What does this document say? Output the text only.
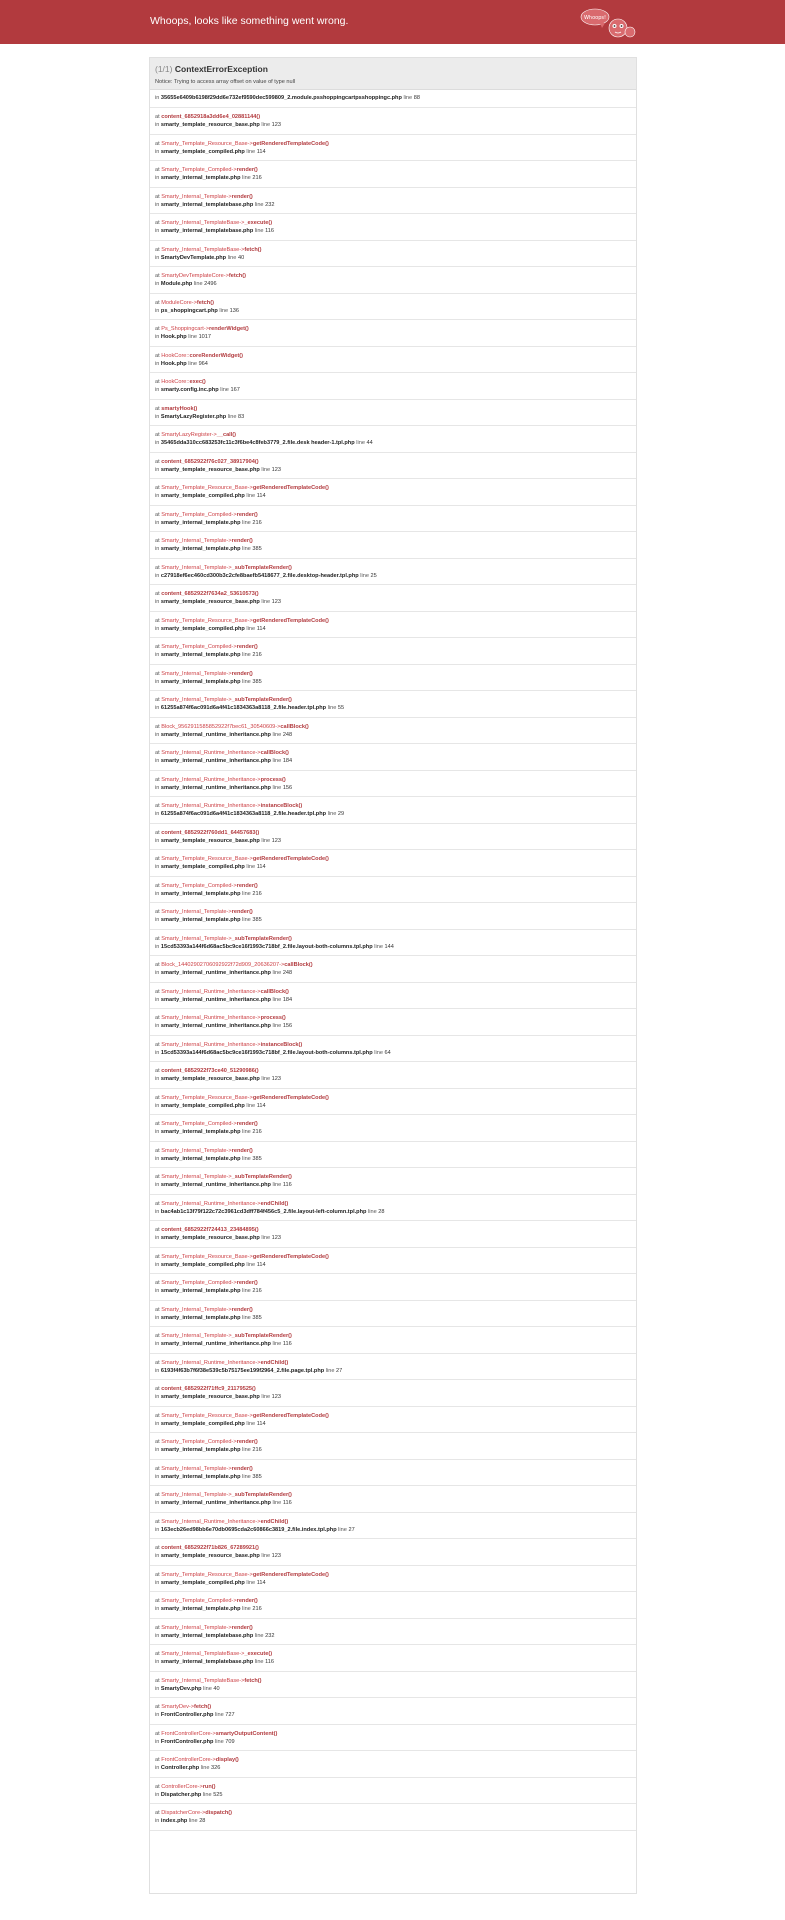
Whoops, looks like something went wrong.	Whoops!
(1/1) ContextErrorException
Notice: Trying to access array offset on value of type null
in 35655e6409b6198f29dd6e732ef9590dec599809_2.module.psshoppingcartpsshoppingc.php line 88
at content_6852918a3dd6e4_02881144()
in smarty_template_resource_base.php line 123
at Smarty_Template_Resource_Base->getRenderedTemplateCode()
in smarty_template_compiled.php line 114
at Smarty_Template_Compiled->render()
in smarty_internal_template.php line 216
at Smarty_Internal_Template->render()
in smarty_internal_templatebase.php line 232
at Smarty_Internal_TemplateBase->_execute()
in smarty_internal_templatebase.php line 116
at Smarty_Internal_TemplateBase->fetch()
in SmartyDevTemplate.php line 40
at SmartyDevTemplateCore->fetch()
in Module.php line 2496
at ModuleCore->fetch()
in ps_shoppingcart.php line 136
at Ps_Shoppingcart->renderWidget()
in Hook.php line 1017
at HookCore::coreRenderWidget()
in Hook.php line 964
at HookCore::exec()
in smarty.config.inc.php line 167
at smartyHook()
in SmartyLazyRegister.php line 83
at SmartyLazyRegister->__call()
in 35465dda310cc683253fc11c3f6be4c8feb3779_2.file.desk header-1.tpl.php line 44
at content_6852922f76c027_38917904()
in smarty_template_resource_base.php line 123
at Smarty_Template_Resource_Base->getRenderedTemplateCode()
in smarty_template_compiled.php line 114
at Smarty_Template_Compiled->render()
in smarty_internal_template.php line 216
at Smarty_Internal_Template->render()
in smarty_internal_template.php line 385
at Smarty_Internal_Template->_subTemplateRender()
in c27918ef6ec460cd300b3c2cfe8baefb5418677_2.file.desktop-header.tpl.php line 25
at content_6852922f7634a2_53610573()
in smarty_template_resource_base.php line 123
at Smarty_Template_Resource_Base->getRenderedTemplateCode()
in smarty_template_compiled.php line 114
at Smarty_Template_Compiled->render()
in smarty_internal_template.php line 216
at Smarty_Internal_Template->render()
in smarty_internal_template.php line 385
at Smarty_Internal_Template->_subTemplateRender()
in 61255a874f6ac091d6a4f41c1834363a8118_2.file.header.tpl.php line 55
at Block_9562911585852922f7bec61_30540609->callBlock()
in smarty_internal_runtime_inheritance.php line 248
at Smarty_Internal_Runtime_Inheritance->callBlock()
in smarty_internal_runtime_inheritance.php line 184
at Smarty_Internal_Runtime_Inheritance->process()
in smarty_internal_runtime_inheritance.php line 156
at Smarty_Internal_Runtime_Inheritance->instanceBlock()
in 61255a874f6ac091d6a4f41c1834363a8118_2.file.header.tpl.php line 29
at content_6852922f760dd1_64457683()
in smarty_template_resource_base.php line 123
at Smarty_Template_Resource_Base->getRenderedTemplateCode()
in smarty_template_compiled.php line 114
at Smarty_Template_Compiled->render()
in smarty_internal_template.php line 216
at Smarty_Internal_Template->render()
in smarty_internal_template.php line 385
at Smarty_Internal_Template->_subTemplateRender()
in 15cd53393a144f6d68ac5bc9ce16f1993c718bf_2.file.layout-both-columns.tpl.php line 144
at Block_14402902706092922f72d909_20636207->callBlock()
in smarty_internal_runtime_inheritance.php line 248
at Smarty_Internal_Runtime_Inheritance->callBlock()
in smarty_internal_runtime_inheritance.php line 184
at Smarty_Internal_Runtime_Inheritance->process()
in smarty_internal_runtime_inheritance.php line 156
at Smarty_Internal_Runtime_Inheritance->instanceBlock()
in 15cd53393a144f6d68ac5bc9ce16f1993c718bf_2.file.layout-both-columns.tpl.php line 64
at content_6852922f73ce40_51290986()
in smarty_template_resource_base.php line 123
at Smarty_Template_Resource_Base->getRenderedTemplateCode()
in smarty_template_compiled.php line 114
at Smarty_Template_Compiled->render()
in smarty_internal_template.php line 216
at Smarty_Internal_Template->render()
in smarty_internal_template.php line 385
at Smarty_Internal_Template->_subTemplateRender()
in smarty_internal_runtime_inheritance.php line 116
at Smarty_Internal_Runtime_Inheritance->endChild()
in bac4ab1c13f79f122c72c3961cd3dff784f456c5_2.file.layout-left-column.tpl.php line 28
at content_6852922f724413_23484895()
in smarty_template_resource_base.php line 123
at Smarty_Template_Resource_Base->getRenderedTemplateCode()
in smarty_template_compiled.php line 114
at Smarty_Template_Compiled->render()
in smarty_internal_template.php line 216
at Smarty_Internal_Template->render()
in smarty_internal_template.php line 385
at Smarty_Internal_Template->_subTemplateRender()
in smarty_internal_runtime_inheritance.php line 116
at Smarty_Internal_Runtime_Inheritance->endChild()
in 6193f4f63b7f6f38e539c5b75175ee199f2964_2.file.page.tpl.php line 27
at content_6852922f71ffc9_21179525()
in smarty_template_resource_base.php line 123
at Smarty_Template_Resource_Base->getRenderedTemplateCode()
in smarty_template_compiled.php line 114
at Smarty_Template_Compiled->render()
in smarty_internal_template.php line 216
at Smarty_Internal_Template->render()
in smarty_internal_template.php line 385
at Smarty_Internal_Template->_subTemplateRender()
in smarty_internal_runtime_inheritance.php line 116
at Smarty_Internal_Runtime_Inheritance->endChild()
in 163ecb26ed98bb6e70db0695cda2c60866c3819_2.file.index.tpl.php line 27
at content_6852922f71b826_67289921()
in smarty_template_resource_base.php line 123
at Smarty_Template_Resource_Base->getRenderedTemplateCode()
in smarty_template_compiled.php line 114
at Smarty_Template_Compiled->render()
in smarty_internal_template.php line 216
at Smarty_Internal_Template->render()
in smarty_internal_templatebase.php line 232
at Smarty_Internal_TemplateBase->_execute()
in smarty_internal_templatebase.php line 116
at Smarty_Internal_TemplateBase->fetch()
in SmartyDev.php line 40
at SmartyDev->fetch()
in FrontController.php line 727
at FrontControllerCore->smartyOutputContent()
in FrontController.php line 709
at FrontControllerCore->display()
in Controller.php line 326
at ControllerCore->run()
in Dispatcher.php line 525
at DispatcherCore->dispatch()
in index.php line 28
